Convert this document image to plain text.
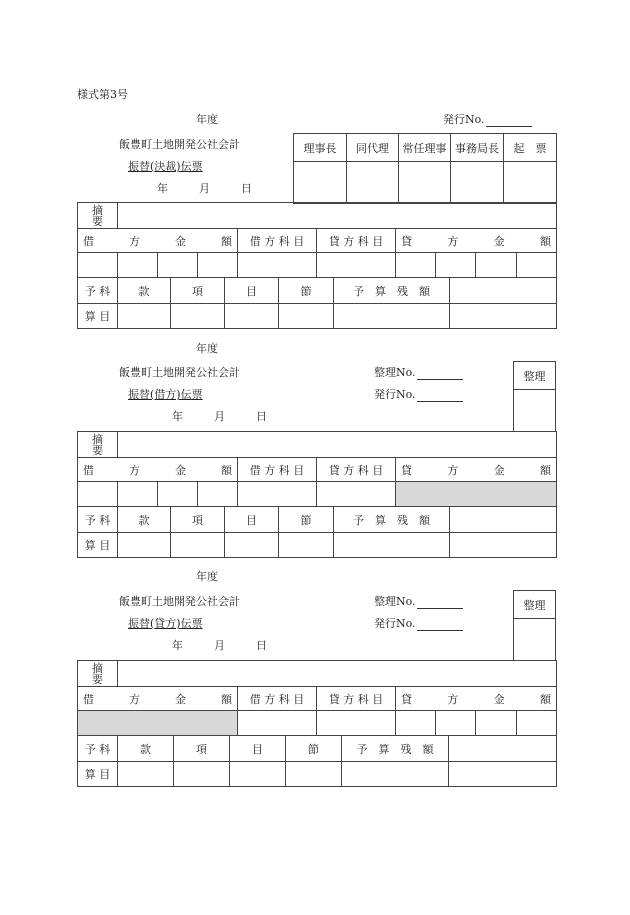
様式第3号
年度	発行No.
飯豊町土地開発公社会計
振替(決裁)伝票
年	月	日
理事長	同代理	常任理事	事務局長	起　票

摘
要									

借 方 金 額				借 方 科 目	貸 方 科 目	貸 方 金 額			

予 科	款	項	目	節	予　算　残　額	
算 目						
年度
飯豊町土地開発公社会計
振替(借方)伝票
年	月	日
整理No.
発行No.
整理

摘
要						

借 方 金 額				借 方 科 目	貸 方 科 目	貸 方 金 額

予 科	款	項	目	節	予　算　残　額	
算 目						
年度
飯豊町土地開発公社会計
振替(貸方)伝票
年	月	日
整理No.
発行No.
整理

摘
要							

借 方 金 額		借 方 科 目	貸 方 科 目	貸 方 金 額			

予 科	款	項	目	節	予　算　残　額	
算 目						
